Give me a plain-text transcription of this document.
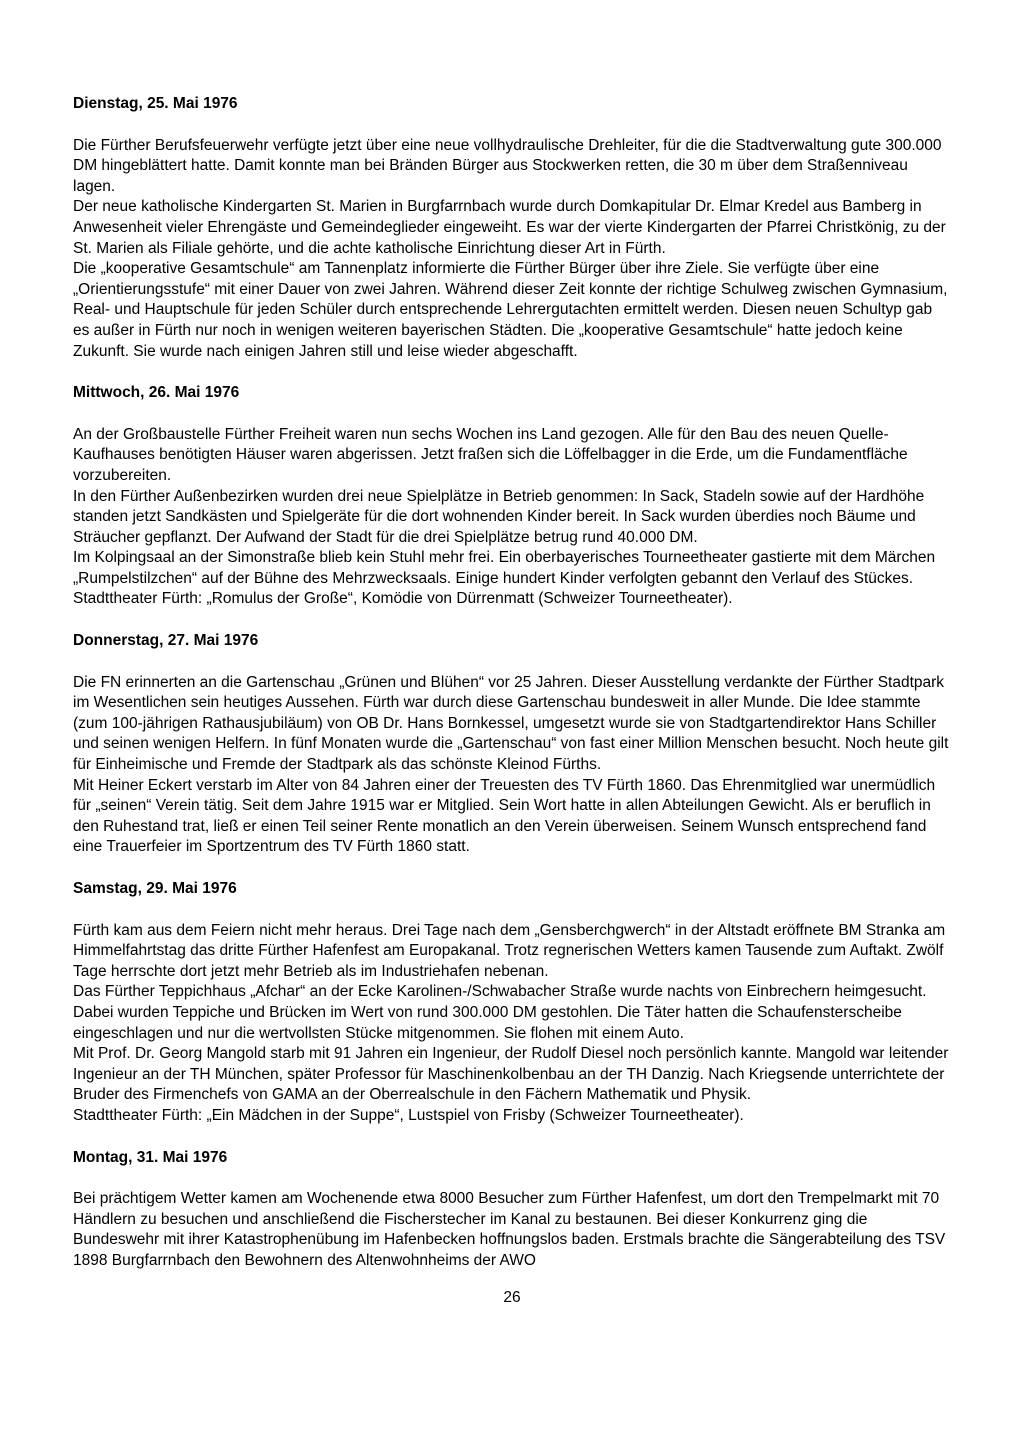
Dienstag, 25. Mai 1976

Die Fürther Berufsfeuerwehr verfügte jetzt über eine neue vollhydraulische Drehleiter, für die die Stadtverwaltung gute 300.000 DM hingeblättert hatte. Damit konnte man bei Bränden Bürger aus Stockwerken retten, die 30 m über dem Straßenniveau lagen.

Der neue katholische Kindergarten St. Marien in Burgfarrnbach wurde durch Domkapitular Dr. Elmar Kredel aus Bamberg in Anwesenheit vieler Ehrengäste und Gemeindeglieder eingeweiht. Es war der vierte Kindergarten der Pfarrei Christkönig, zu der St. Marien als Filiale gehörte, und die achte katholische Einrichtung dieser Art in Fürth.

Die „kooperative Gesamtschule“ am Tannenplatz informierte die Fürther Bürger über ihre Ziele. Sie verfügte über eine „Orientierungsstufe“ mit einer Dauer von zwei Jahren. Während dieser Zeit konnte der richtige Schulweg zwischen Gymnasium, Real- und Hauptschule für jeden Schüler durch entsprechende Lehrergutachten ermittelt werden. Diesen neuen Schultyp gab es außer in Fürth nur noch in wenigen weiteren bayerischen Städten. Die „kooperative Gesamtschule“ hatte jedoch keine Zukunft. Sie wurde nach einigen Jahren still und leise wieder abgeschafft.

Mittwoch, 26. Mai 1976

An der Großbaustelle Fürther Freiheit waren nun sechs Wochen ins Land gezogen. Alle für den Bau des neuen Quelle-Kaufhauses benötigten Häuser waren abgerissen. Jetzt fraßen sich die Löffelbagger in die Erde, um die Fundamentfläche vorzubereiten.

In den Fürther Außenbezirken wurden drei neue Spielplätze in Betrieb genommen: In Sack, Stadeln sowie auf der Hardhöhe standen jetzt Sandkästen und Spielgeräte für die dort wohnenden Kinder bereit. In Sack wurden überdies noch Bäume und Sträucher gepflanzt. Der Aufwand der Stadt für die drei Spielplätze betrug rund 40.000 DM.

Im Kolpingsaal an der Simonstraße blieb kein Stuhl mehr frei. Ein oberbayerisches Tourneetheater gastierte mit dem Märchen „Rumpelstilzchen“ auf der Bühne des Mehrzwecksaals. Einige hundert Kinder verfolgten gebannt den Verlauf des Stückes.

Stadttheater Fürth: „Romulus der Große“, Komödie von Dürrenmatt (Schweizer Tourneetheater).

Donnerstag, 27. Mai 1976

Die FN erinnerten an die Gartenschau „Grünen und Blühen“ vor 25 Jahren. Dieser Ausstellung verdankte der Fürther Stadtpark im Wesentlichen sein heutiges Aussehen. Fürth war durch diese Gartenschau bundesweit in aller Munde. Die Idee stammte (zum 100-jährigen Rathausjubiläum) von OB Dr. Hans Bornkessel, umgesetzt wurde sie von Stadtgartendirektor Hans Schiller und seinen wenigen Helfern. In fünf Monaten wurde die „Gartenschau“ von fast einer Million Menschen besucht. Noch heute gilt für Einheimische und Fremde der Stadtpark als das schönste Kleinod Fürths.

Mit Heiner Eckert verstarb im Alter von 84 Jahren einer der Treuesten des TV Fürth 1860. Das Ehrenmitglied war unermüdlich für „seinen“ Verein tätig. Seit dem Jahre 1915 war er Mitglied. Sein Wort hatte in allen Abteilungen Gewicht. Als er beruflich in den Ruhestand trat, ließ er einen Teil seiner Rente monatlich an den Verein überweisen. Seinem Wunsch entsprechend fand eine Trauerfeier im Sportzentrum des TV Fürth 1860 statt.

Samstag, 29. Mai 1976

Fürth kam aus dem Feiern nicht mehr heraus. Drei Tage nach dem „Gensberchgwerch“ in der Altstadt eröffnete BM Stranka am Himmelfahrtstag das dritte Fürther Hafenfest am Europakanal. Trotz regnerischen Wetters kamen Tausende zum Auftakt. Zwölf Tage herrschte dort jetzt mehr Betrieb als im Industriehafen nebenan.

Das Fürther Teppichhaus „Afchar“ an der Ecke Karolinen-/Schwabacher Straße wurde nachts von Einbrechern heimgesucht. Dabei wurden Teppiche und Brücken im Wert von rund 300.000 DM gestohlen. Die Täter hatten die Schaufensterscheibe eingeschlagen und nur die wertvollsten Stücke mitgenommen. Sie flohen mit einem Auto.

Mit Prof. Dr. Georg Mangold starb mit 91 Jahren ein Ingenieur, der Rudolf Diesel noch persönlich kannte. Mangold war leitender Ingenieur an der TH München, später Professor für Maschinenkolbenbau an der TH Danzig. Nach Kriegsende unterrichtete der Bruder des Firmenchefs von GAMA an der Oberrealschule in den Fächern Mathematik und Physik.

Stadttheater Fürth: „Ein Mädchen in der Suppe“, Lustspiel von Frisby (Schweizer Tourneetheater).

Montag, 31. Mai 1976

Bei prächtigem Wetter kamen am Wochenende etwa 8000 Besucher zum Fürther Hafenfest, um dort den Trempelmarkt mit 70 Händlern zu besuchen und anschließend die Fischerstecher im Kanal zu bestaunen. Bei dieser Konkurrenz ging die Bundeswehr mit ihrer Katastrophenübung im Hafenbecken hoffnungslos baden. Erstmals brachte die Sängerabteilung des TSV 1898 Burgfarrnbach den Bewohnern des Altenwohnheims der AWO

26
